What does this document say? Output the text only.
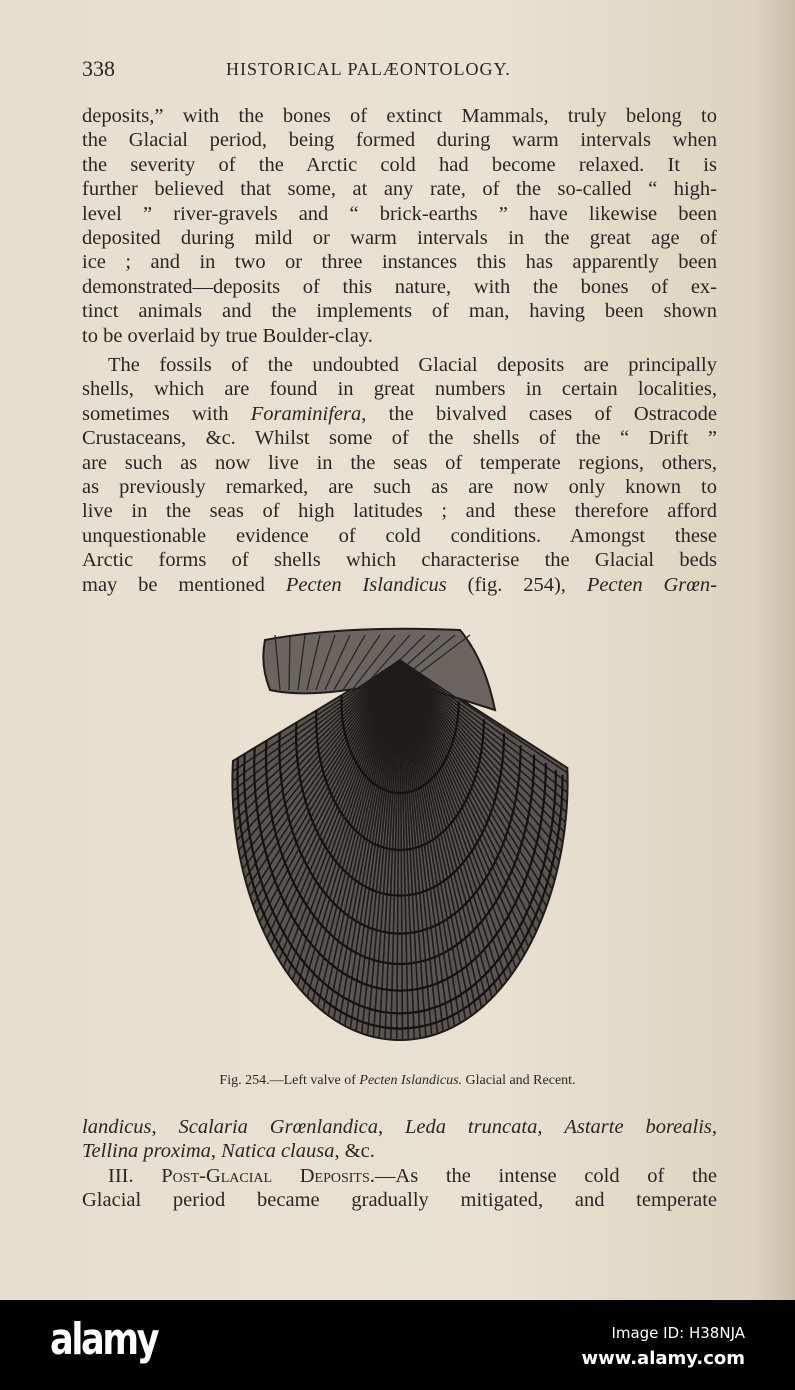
338	HISTORICAL PALÆONTOLOGY.
deposits,” with the bones of extinct Mammals, truly belong to
the Glacial period, being formed during warm intervals when
the severity of the Arctic cold had become relaxed. It is
further believed that some, at any rate, of the so-called “ high-
level ” river-gravels and “ brick-earths ” have likewise been
deposited during mild or warm intervals in the great age of
ice ; and in two or three instances this has apparently been
demonstrated—deposits of this nature, with the bones of ex-
tinct animals and the implements of man, having been shown
to be overlaid by true Boulder-clay.
The fossils of the undoubted Glacial deposits are principally
shells, which are found in great numbers in certain localities,
sometimes with Foraminifera, the bivalved cases of Ostracode
Crustaceans, &c. Whilst some of the shells of the “ Drift ”
are such as now live in the seas of temperate regions, others,
as previously remarked, are such as are now only known to
live in the seas of high latitudes ; and these therefore afford
unquestionable evidence of cold conditions. Amongst these
Arctic forms of shells which characterise the Glacial beds
may be mentioned Pecten Islandicus (fig. 254), Pecten Grœn-
Fig. 254.—Left valve of Pecten Islandicus. Glacial and Recent.
landicus, Scalaria Grœnlandica, Leda truncata, Astarte borealis,
Tellina proxima, Natica clausa, &c.
III. Post-Glacial Deposits.—As the intense cold of the
Glacial period became gradually mitigated, and temperate
alamy	Image ID: H38NJA
www.alamy.com
